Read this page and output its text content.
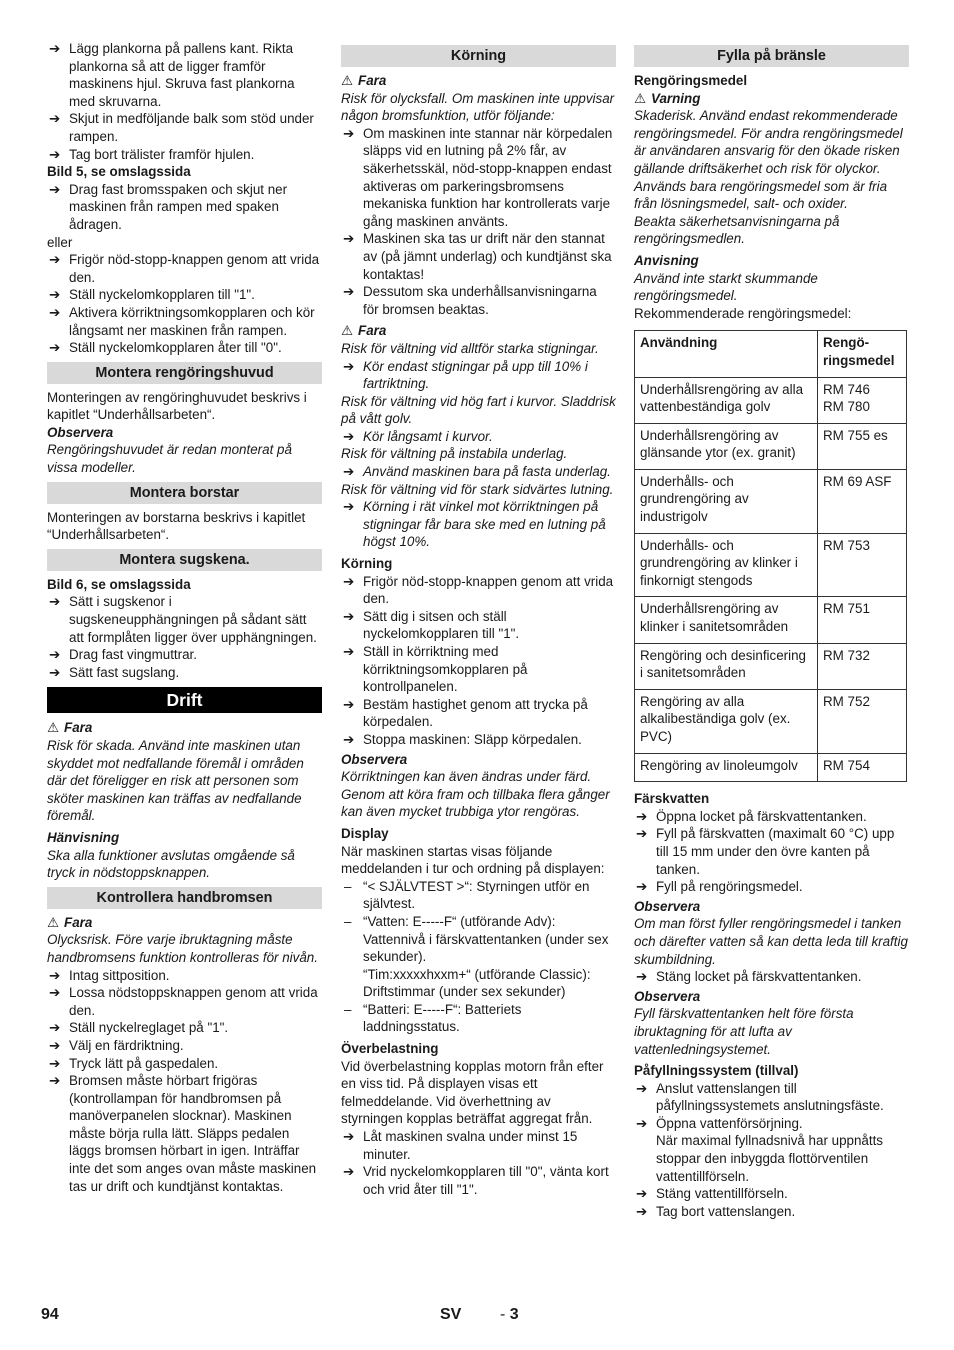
➔ Lägg plankorna på pallens kant. Rikta plankorna så att de ligger framför maskinens hjul. Skruva fast plankorna med skruvarna.

➔ Skjut in medföljande balk som stöd under rampen.

➔ Tag bort trälister framför hjulen.

Bild 5, se omslagssida

➔ Drag fast bromsspaken och skjut ner maskinen från rampen med spaken ådragen.

eller

➔ Frigör nöd-stopp-knappen genom att vrida den.

➔ Ställ nyckelomkopplaren till "1".

➔ Aktivera körriktningsomkopplaren och kör långsamt ner maskinen från rampen.

➔ Ställ nyckelomkopplaren åter till "0".

Montera rengöringshuvud

Monteringen av rengöringhuvudet beskrivs i kapitlet “Underhållsarbeten“.

Observera

Rengöringshuvudet är redan monterat på vissa modeller.

Montera borstar

Monteringen av borstarna beskrivs i kapitlet “Underhållsarbeten“.

Montera sugskena.

Bild 6, se omslagssida

➔ Sätt i sugskenor i sugskeneupphängningen på sådant sätt att formplåten ligger över upphängningen.

➔ Drag fast vingmuttrar.

➔ Sätt fast sugslang.

Drift

⚠ Fara

Risk för skada. Använd inte maskinen utan skyddet mot nedfallande föremål i områden där det föreligger en risk att personen som sköter maskinen kan träffas av nedfallande föremål.

Hänvisning

Ska alla funktioner avslutas omgående så tryck in nödstoppsknappen.

Kontrollera handbromsen

⚠ Fara

Olycksrisk. Före varje ibruktagning måste handbromsens funktion kontrolleras för nivån.

➔ Intag sittposition.

➔ Lossa nödstoppsknappen genom att vrida den.

➔ Ställ nyckelreglaget på "1".

➔ Välj en färdriktning.

➔ Tryck lätt på gaspedalen.

➔ Bromsen måste hörbart frigöras (kontrollampan för handbromsen på manöverpanelen slocknar). Maskinen måste börja rulla lätt. Släpps pedalen läggs bromsen hörbart in igen. Inträffar inte det som anges ovan måste maskinen tas ur drift och kundtjänst kontaktas.

Körning

⚠ Fara

Risk för olycksfall. Om maskinen inte uppvisar någon bromsfunktion, utför följande:

➔ Om maskinen inte stannar när körpedalen släpps vid en lutning på 2% får, av säkerhetsskäl, nöd-stopp-knappen endast aktiveras om parkeringsbromsens mekaniska funktion har kontrollerats varje gång maskinen använts.

➔ Maskinen ska tas ur drift när den stannat av (på jämnt underlag) och kundtjänst ska kontaktas!

➔ Dessutom ska underhållsanvisningarna för bromsen beaktas.

⚠ Fara

Risk för vältning vid alltför starka stigningar.

➔ Kör endast stigningar på upp till 10% i fartriktning.

Risk för vältning vid hög fart i kurvor. Sladdrisk på vått golv.

➔ Kör långsamt i kurvor.

Risk för vältning på instabila underlag.

➔ Använd maskinen bara på fasta underlag.

Risk för vältning vid för stark sidvärtes lutning.

➔ Körning i rät vinkel mot körriktningen på stigningar får bara ske med en lutning på högst 10%.

Körning

➔ Frigör nöd-stopp-knappen genom att vrida den.

➔ Sätt dig i sitsen och ställ nyckelomkopplaren till "1".

➔ Ställ in körriktning med körriktningsomkopplaren på kontrollpanelen.

➔ Bestäm hastighet genom att trycka på körpedalen.

➔ Stoppa maskinen: Släpp körpedalen.

Observera

Körriktningen kan även ändras under färd. Genom att köra fram och tillbaka flera gånger kan även mycket trubbiga ytor rengöras.

Display

När maskinen startas visas följande meddelanden i tur och ordning på displayen:

– “< SJÄLVTEST >“: Styrningen utför en självtest.

– “Vatten: E-----F“ (utförande Adv): Vattennivå i färskvattentanken (under sex sekunder).

“Tim:xxxxxhxxm+“ (utförande Classic): Driftstimmar (under sex sekunder)

– “Batteri: E-----F“: Batteriets laddningsstatus.

Överbelastning

Vid överbelastning kopplas motorn från efter en viss tid. På displayen visas ett felmeddelande. Vid överhettning av styrningen kopplas beträffat aggregat från.

➔ Låt maskinen svalna under minst 15 minuter.

➔ Vrid nyckelomkopplaren till "0", vänta kort och vrid åter till "1".

Fylla på bränsle

Rengöringsmedel

⚠ Varning

Skaderisk. Använd endast rekommenderade rengöringsmedel. För andra rengöringsmedel är användaren ansvarig för den ökade risken gällande driftsäkerhet och risk för olyckor.

Används bara rengöringsmedel som är fria från lösningsmedel, salt- och oxider.

Beakta säkerhetsanvisningarna på rengöringsmedlen.

Anvisning

Använd inte starkt skummande rengöringsmedel.

Rekommenderade rengöringsmedel:

Användning	Rengö-ringsmedel
Underhållsrengöring av alla vattenbeständiga golv	RM 746
RM 780

Underhållsrengöring av glänsande ytor (ex. granit)	RM 755 es
Underhålls- och grundrengöring av industrigolv	RM 69 ASF
Underhålls- och grundrengöring av klinker i finkornigt stengods	RM 753
Underhållsrengöring av klinker i sanitetsområden	RM 751
Rengöring och desinficering i sanitetsområden	RM 732
Rengöring av alla alkalibeständiga golv (ex. PVC)	RM 752
Rengöring av linoleumgolv	RM 754

Färskvatten

➔ Öppna locket på färskvattentanken.

➔ Fyll på färskvatten (maximalt 60 °C) upp till 15 mm under den övre kanten på tanken.

➔ Fyll på rengöringsmedel.

Observera

Om man först fyller rengöringsmedel i tanken och därefter vatten så kan detta leda till kraftig skumbildning.

➔ Stäng locket på färskvattentanken.

Observera

Fyll färskvattentanken helt före första ibruktagning för att lufta av vattenledningsystemet.

Påfyllningssystem (tillval)

➔ Anslut vattenslangen till påfyllningssystemets anslutningsfäste.

➔ Öppna vattenförsörjning.

När maximal fyllnadsnivå har uppnåtts stoppar den inbyggda flottörventilen vattentillförseln.

➔ Stäng vattentillförseln.

➔ Tag bort vattenslangen.

94	SV - 3
